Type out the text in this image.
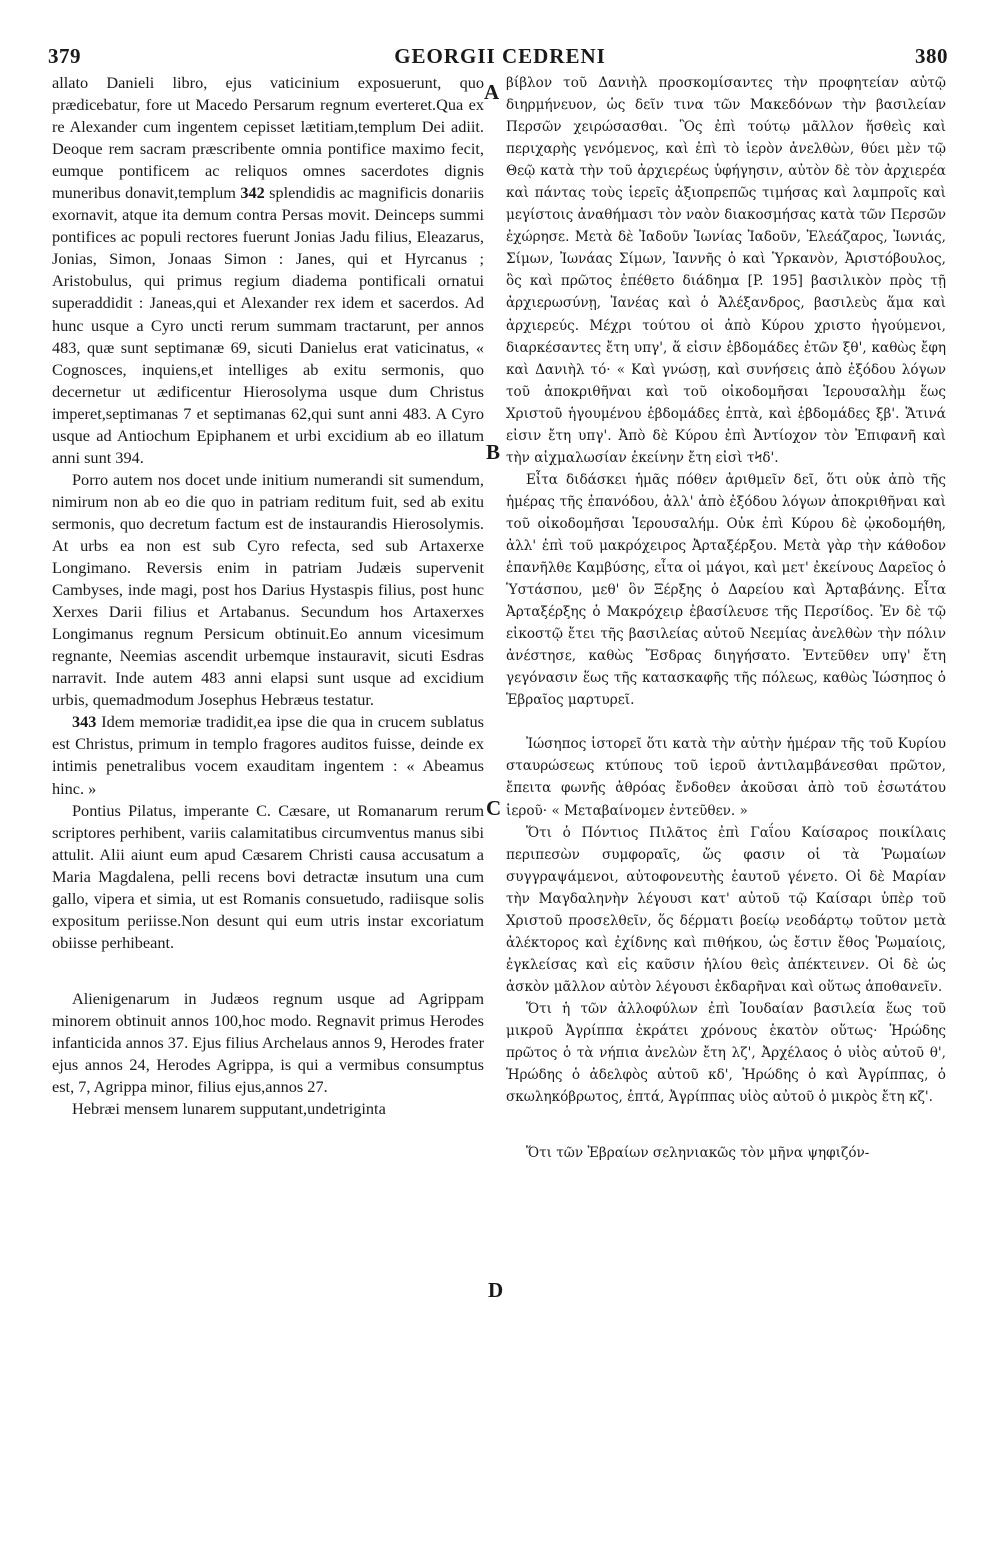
379	GEORGII CEDRENI	380

allato Danieli libro, ejus vaticinium exposuerunt, quo prædicebatur, fore ut Macedo Persarum regnum everteret.Qua ex re Alexander cum ingentem cepisset lætitiam,templum Dei adiit. Deoque rem sacram præscribente omnia pontifice maximo fecit, eumque pontificem ac reliquos omnes sacerdotes dignis muneribus donavit,templum 342 splendidis ac magnificis donariis exornavit, atque ita demum contra Persas movit. Deinceps summi pontifices ac populi rectores fuerunt Jonias Jadu filius, Eleazarus, Jonias, Simon, Jonaas Simon : Janes, qui et Hyrcanus ; Aristobulus, qui primus regium diadema pontificali ornatui superaddidit : Janeas,qui et Alexander rex idem et sacerdos. Ad hunc usque a Cyro uncti rerum summam tractarunt, per annos 483, quæ sunt septimanæ 69, sicuti Danielus erat vaticinatus, « Cognosces, inquiens,et intelliges ab exitu sermonis, quo decernetur ut ædificentur Hierosolyma usque dum Christus imperet,septimanas 7 et septimanas 62,qui sunt anni 483. A Cyro usque ad Antiochum Epiphanem et urbi excidium ab eo illatum anni sunt 394.

Porro autem nos docet unde initium numerandi sit sumendum, nimirum non ab eo die quo in patriam reditum fuit, sed ab exitu sermonis, quo decretum factum est de instaurandis Hierosolymis. At urbs ea non est sub Cyro refecta, sed sub Artaxerxe Longimano. Reversis enim in patriam Judæis supervenit Cambyses, inde magi, post hos Darius Hystaspis filius, post hunc Xerxes Darii filius et Artabanus. Secundum hos Artaxerxes Longimanus regnum Persicum obtinuit.Eo annum vicesimum regnante, Neemias ascendit urbemque instauravit, sicuti Esdras narravit. Inde autem 483 anni elapsi sunt usque ad excidium urbis, quemadmodum Josephus Hebræus testatur.

343 Idem memoriæ tradidit,ea ipse die qua in crucem sublatus est Christus, primum in templo fragores auditos fuisse, deinde ex intimis penetralibus vocem exauditam ingentem : « Abeamus hinc. »

Pontius Pilatus, imperante C. Cæsare, ut Romanarum rerum scriptores perhibent, variis calamitatibus circumventus manus sibi attulit. Alii aiunt eum apud Cæsarem Christi causa accusatum a Maria Magdalena, pelli recens bovi detractæ insutum una cum gallo, vipera et simia, ut est Romanis consuetudo, radiisque solis expositum periisse.Non desunt qui eum utris instar excoriatum obiisse perhibeant.

Alienigenarum in Judæos regnum usque ad Agrippam minorem obtinuit annos 100,hoc modo. Regnavit primus Herodes infanticida annos 37. Ejus filius Archelaus annos 9, Herodes frater ejus annos 24, Herodes Agrippa, is qui a vermibus consumptus est, 7, Agrippa minor, filius ejus,annos 27.

Hebræi mensem lunarem supputant,undetriginta

βίβλον τοῦ Δανιὴλ προσκομίσαντες τὴν προφητείαν αὐτῷ διηρμήνευον, ὡς δεῖν τινα τῶν Μακεδόνων τὴν βασιλείαν Περσῶν χειρώσασθαι. Ὃς ἐπὶ τούτῳ μᾶλλον ἥσθεὶς καὶ περιχαρὴς γενόμενος, καὶ ἐπὶ τὸ ἱερὸν ἀνελθὼν, θύει μὲν τῷ Θεῷ κατὰ τὴν τοῦ ἀρχιερέως ὑφήγησιν, αὐτὸν δὲ τὸν ἀρχιερέα καὶ πάντας τοὺς ἱερεῖς ἀξιοπρεπῶς τιμήσας καὶ λαμπροῖς καὶ μεγίστοις ἀναθήμασι τὸν ναὸν διακοσμήσας κατὰ τῶν Περσῶν ἐχώρησε. Μετὰ δὲ Ἰαδοῦν Ἰωνίας Ἰαδοῦν, Ἐλεάζαρος, Ἰωνιάς, Σίμων, Ἰωνάας Σίμων, Ἰαννῆς ὁ καὶ Ὑρκανὸν, Ἀριστόβουλος, ὃς καὶ πρῶτος ἐπέθετο διάδημα [P. 195] βασιλικὸν πρὸς τῇ ἀρχιερωσύνῃ, Ἰανέας καὶ ὁ Ἀλέξανδρος, βασιλεὺς ἅμα καὶ ἀρχιερεύς. Μέχρι τούτου οἱ ἀπὸ Κύρου χριστο ἡγούμενοι, διαρκέσαντες ἔτη υπγ', ἅ εἰσιν ἑβδομάδες ἐτῶν ξθ', καθὼς ἔφη καὶ Δανιὴλ τό· « Καὶ γνώσῃ, καὶ συνήσεις ἀπὸ ἐξόδου λόγων τοῦ ἀποκριθῆναι καὶ τοῦ οἰκοδομῆσαι Ἱερουσαλὴμ ἕως Χριστοῦ ἡγουμένου ἑβδομάδες ἑπτὰ, καὶ ἑβδομάδες ξβ'. Ἅτινά εἰσιν ἔτη υπγ'. Ἀπὸ δὲ Κύρου ἐπὶ Ἀντίοχον τὸν Ἐπιφανῆ καὶ τὴν αἰχμαλωσίαν ἐκείνην ἔτη εἰσὶ τϞδ'.

Εἶτα διδάσκει ἡμᾶς πόθεν ἀριθμεῖν δεῖ, ὅτι οὐκ ἀπὸ τῆς ἡμέρας τῆς ἐπανόδου, ἀλλ' ἀπὸ ἐξόδου λόγων ἀποκριθῆναι καὶ τοῦ οἰκοδομῆσαι Ἱερουσαλήμ. Οὐκ ἐπὶ Κύρου δὲ ᾠκοδομήθη, ἀλλ' ἐπὶ τοῦ μακρόχειρος Ἀρταξέρξου. Μετὰ γὰρ τὴν κάθοδον ἐπανῆλθε Καμβύσης, εἶτα οἱ μάγοι, καὶ μετ' ἐκείνους Δαρεῖος ὁ Ὑστάσπου, μεθ' ὃν Ξέρξης ὁ Δαρείου καὶ Ἀρταβάνης. Εἶτα Ἀρταξέρξης ὁ Μακρόχειρ ἐβασίλευσε τῆς Περσίδος. Ἐν δὲ τῷ εἰκοστῷ ἔτει τῆς βασιλείας αὐτοῦ Νεεμίας ἀνελθὼν τὴν πόλιν ἀνέστησε, καθὼς Ἔσδρας διηγήσατο. Ἐντεῦθεν υπγ' ἔτη γεγόνασιν ἕως τῆς κατασκαφῆς τῆς πόλεως, καθὼς Ἰώσηπος ὁ Ἑβραῖος μαρτυρεῖ.

Ἰώσηπος ἱστορεῖ ὅτι κατὰ τὴν αὐτὴν ἡμέραν τῆς τοῦ Κυρίου σταυρώσεως κτύπους τοῦ ἱεροῦ ἀντιλαμβάνεσθαι πρῶτον, ἔπειτα φωνῆς ἀθρόας ἔνδοθεν ἀκοῦσαι ἀπὸ τοῦ ἐσωτάτου ἱεροῦ· « Μεταβαίνομεν ἐντεῦθεν. »

Ὅτι ὁ Πόντιος Πιλᾶτος ἐπὶ Γαΐου Καίσαρος ποικίλαις περιπεσὼν συμφοραῖς, ὥς φασιν οἱ τὰ Ῥωμαίων συγγραψάμενοι, αὐτοφονευτὴς ἑαυτοῦ γένετο. Οἱ δὲ Μαρίαν τὴν Μαγδαληνὴν λέγουσι κατ' αὐτοῦ τῷ Καίσαρι ὑπὲρ τοῦ Χριστοῦ προσελθεῖν, ὅς δέρματι βοείῳ νεοδάρτῳ τοῦτον μετὰ ἀλέκτορος καὶ ἐχίδνης καὶ πιθήκου, ὡς ἔστιν ἔθος Ῥωμαίοις, ἐγκλείσας καὶ εἰς καῦσιν ἡλίου θεὶς ἀπέκτεινεν. Οἱ δὲ ὡς ἀσκὸν μᾶλλον αὐτὸν λέγουσι ἐκδαρῆναι καὶ οὕτως ἀποθανεῖν.

Ὅτι ἡ τῶν ἀλλοφύλων ἐπὶ Ἰουδαίαν βασιλεία ἕως τοῦ μικροῦ Ἀγρίππα ἐκράτει χρόνους ἑκατὸν οὕτως· Ἡρώδης πρῶτος ὁ τὰ νήπια ἀνελὼν ἔτη λζ', Ἀρχέλαος ὁ υἱὸς αὐτοῦ θ', Ἡρώδης ὁ ἀδελφὸς αὐτοῦ κδ', Ἡρώδης ὁ καὶ Ἀγρίππας, ὁ σκωληκόβρωτος, ἑπτά, Ἀγρίππας υἱὸς αὐτοῦ ὁ μικρὸς ἔτη κζ'.

Ὅτι τῶν Ἑβραίων σεληνιακῶς τὸν μῆνα ψηφιζόν-

A
B
C
D
